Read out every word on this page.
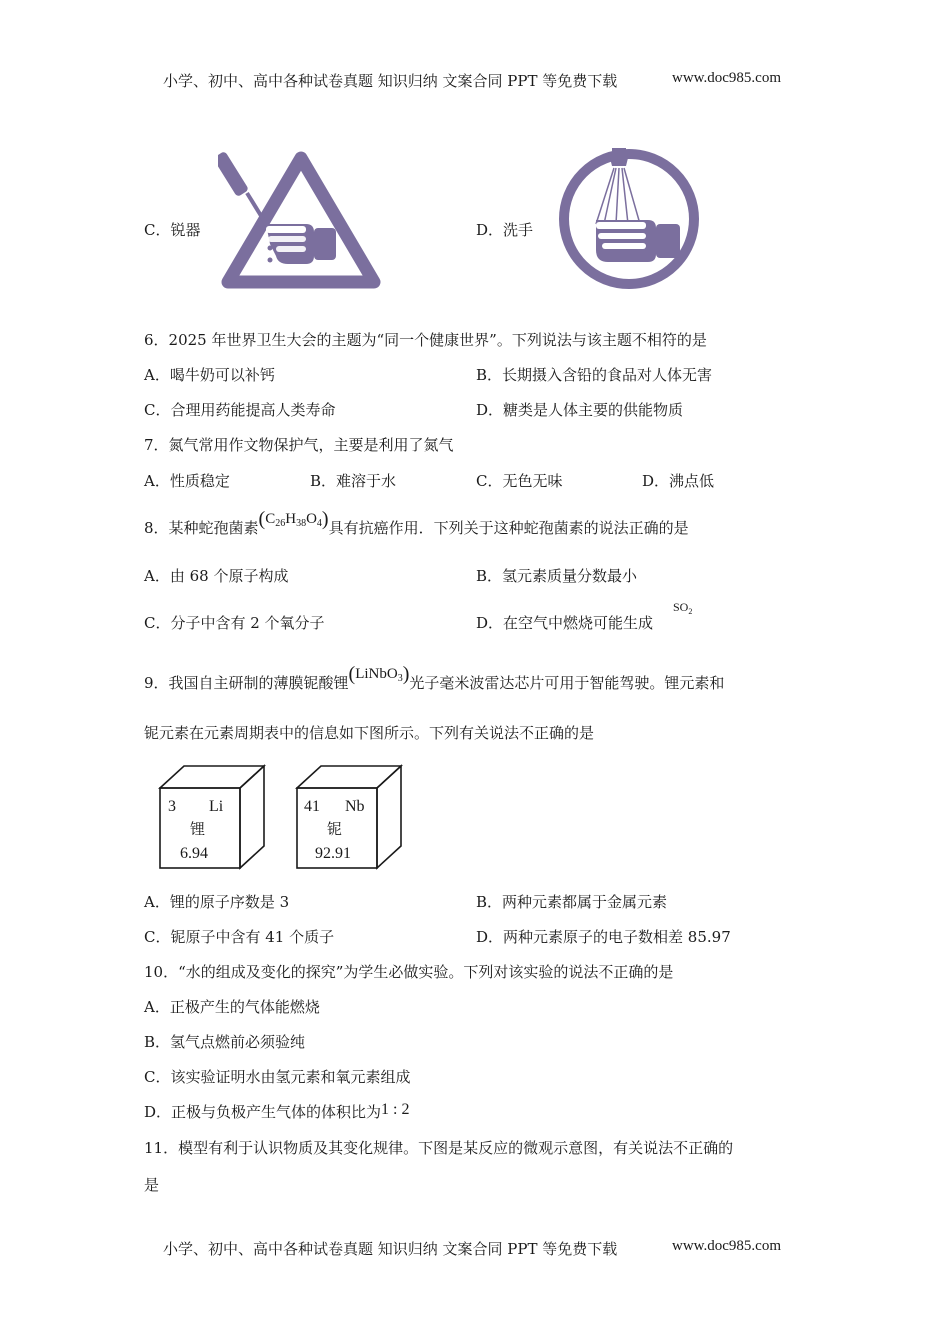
小学、初中、高中各种试卷真题 知识归纳 文案合同 PPT 等免费下载	www.doc985.com
C．锐器	D．洗手
6．2025 年世界卫生大会的主题为“同一个健康世界”。下列说法与该主题不相符的是
A．喝牛奶可以补钙	B．长期摄入含铅的食品对人体无害
C．合理用药能提高人类寿命	D．糖类是人体主要的供能物质
7．氮气常用作文物保护气，主要是利用了氮气
A．性质稳定	B．难溶于水	C．无色无味	D．沸点低
8．某种蛇孢菌素$(C_{26}H_{38}O_4)$具有抗癌作用．下列关于这种蛇孢菌素的说法正确的是
A．由 68 个原子构成	B．氢元素质量分数最小
C．分子中含有 2 个氧分子	D．在空气中燃烧可能生成
$SO_2$
9．我国自主研制的薄膜铌酸锂(LiNbO$_3$)光子毫米波雷达芯片可用于智能驾驶。锂元素和
铌元素在元素周期表中的信息如下图所示。下列有关说法不正确的是
3 Li
锂
6.94
41 Nb
铌
92.91
A．锂的原子序数是 3	B．两种元素都属于金属元素
C．铌原子中含有 41 个质子	D．两种元素原子的电子数相差 85.97
10．“水的组成及变化的探究”为学生必做实验。下列对该实验的说法不正确的是
A．正极产生的气体能燃烧
B．氢气点燃前必须验纯
C．该实验证明水由氢元素和氧元素组成
D．正极与负极产生气体的体积比为1 : 2
11．模型有利于认识物质及其变化规律。下图是某反应的微观示意图，有关说法不正确的
是
小学、初中、高中各种试卷真题 知识归纳 文案合同 PPT 等免费下载	www.doc985.com
